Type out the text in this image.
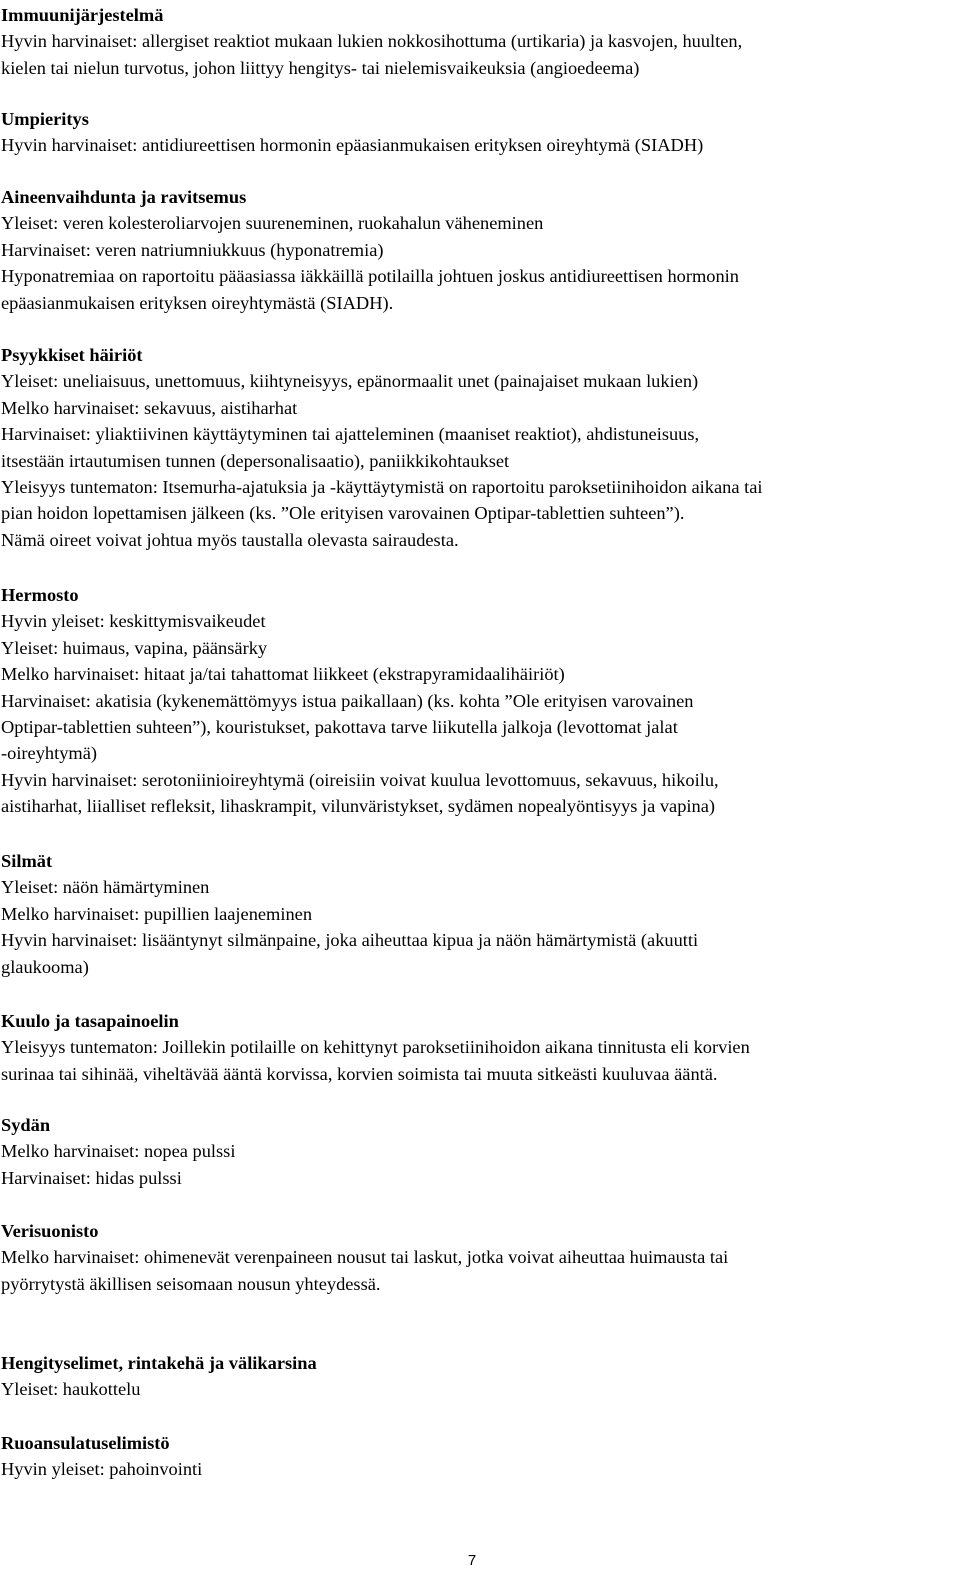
Immuunijärjestelmä
Hyvin harvinaiset: allergiset reaktiot mukaan lukien nokkosihottuma (urtikaria) ja kasvojen, huulten,
kielen tai nielun turvotus, johon liittyy hengitys- tai nielemisvaikeuksia (angioedeema)
Umpieritys
Hyvin harvinaiset: antidiureettisen hormonin epäasianmukaisen erityksen oireyhtymä (SIADH)
Aineenvaihdunta ja ravitsemus
Yleiset: veren kolesteroliarvojen suureneminen, ruokahalun väheneminen
Harvinaiset: veren natriumniukkuus (hyponatremia)
Hyponatremiaa on raportoitu pääasiassa iäkkäillä potilailla johtuen joskus antidiureettisen hormonin
epäasianmukaisen erityksen oireyhtymästä (SIADH).
Psyykkiset häiriöt
Yleiset: uneliaisuus, unettomuus, kiihtyneisyys, epänormaalit unet (painajaiset mukaan lukien)
Melko harvinaiset: sekavuus, aistiharhat
Harvinaiset: yliaktiivinen käyttäytyminen tai ajatteleminen (maaniset reaktiot), ahdistuneisuus,
itsestään irtautumisen tunnen (depersonalisaatio), paniikkikohtaukset
Yleisyys tuntematon: Itsemurha-ajatuksia ja -käyttäytymistä on raportoitu paroksetiinihoidon aikana tai
pian hoidon lopettamisen jälkeen (ks. ”Ole erityisen varovainen Optipar-tablettien suhteen”).
Nämä oireet voivat johtua myös taustalla olevasta sairaudesta.
Hermosto
Hyvin yleiset: keskittymisvaikeudet
Yleiset: huimaus, vapina, päänsärky
Melko harvinaiset: hitaat ja/tai tahattomat liikkeet (ekstrapyramidaalihäiriöt)
Harvinaiset: akatisia (kykenemättömyys istua paikallaan) (ks. kohta ”Ole erityisen varovainen
Optipar-tablettien suhteen”), kouristukset, pakottava tarve liikutella jalkoja (levottomat jalat
-oireyhtymä)
Hyvin harvinaiset: serotoniinioireyhtymä (oireisiin voivat kuulua levottomuus, sekavuus, hikoilu,
aistiharhat, liialliset refleksit, lihaskrampit, vilunväristykset, sydämen nopealyöntisyys ja vapina)
Silmät
Yleiset: näön hämärtyminen
Melko harvinaiset: pupillien laajeneminen
Hyvin harvinaiset: lisääntynyt silmänpaine, joka aiheuttaa kipua ja näön hämärtymistä (akuutti
glaukooma)
Kuulo ja tasapainoelin
Yleisyys tuntematon: Joillekin potilaille on kehittynyt paroksetiinihoidon aikana tinnitusta eli korvien
surinaa tai sihinää, viheltävää ääntä korvissa, korvien soimista tai muuta sitkeästi kuuluvaa ääntä.
Sydän
Melko harvinaiset: nopea pulssi
Harvinaiset: hidas pulssi
Verisuonisto
Melko harvinaiset: ohimenevät verenpaineen nousut tai laskut, jotka voivat aiheuttaa huimausta tai
pyörrytystä äkillisen seisomaan nousun yhteydessä.
Hengityselimet, rintakehä ja välikarsina
Yleiset: haukottelu
Ruoansulatuselimistö
Hyvin yleiset: pahoinvointi
7
